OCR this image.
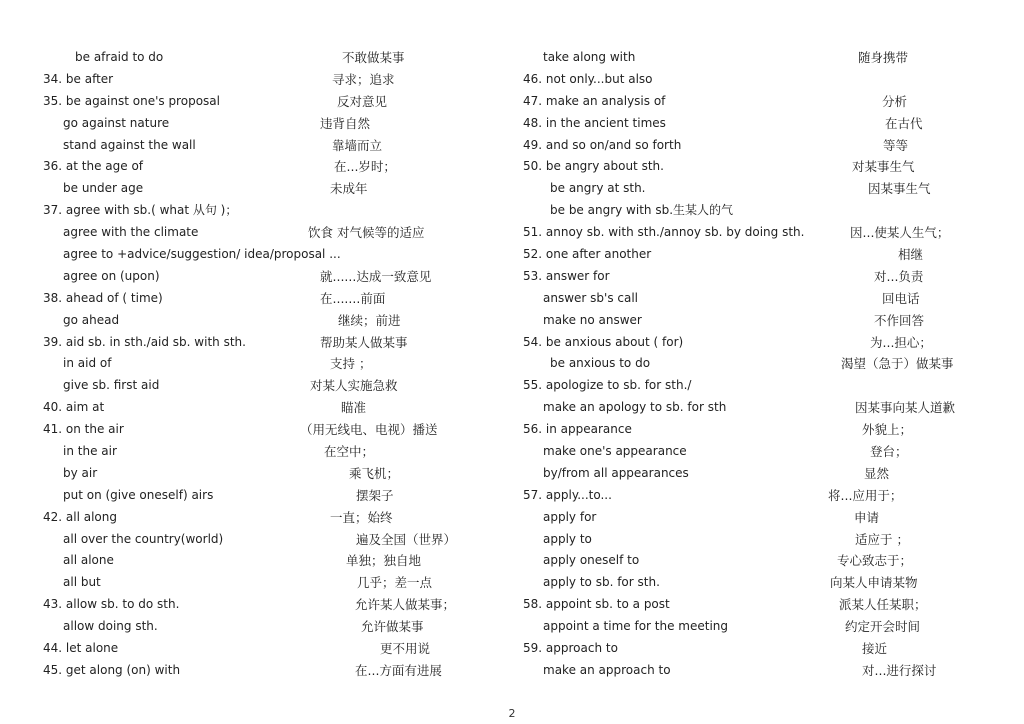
be afraid to do	不敢做某事
34. be after	寻求；追求
35. be against one's proposal	反对意见
go against nature	违背自然
stand against the wall	靠墙而立
36. at the age of	在...岁时；
be under age	未成年
37. agree with sb.( what 从句 )；
agree with the climate	饮食 对气候等的适应
agree to +advice/suggestion/ idea/proposal ...
agree on (upon)	就......达成一致意见
38. ahead of ( time)	在.......前面
go ahead	继续；前进
39. aid sb. in sth./aid sb. with sth.	帮助某人做某事
in aid of	支持 ；
give sb. first aid	对某人实施急救
40. aim at	瞄准
41. on the air	（用无线电、电视）播送
in the air	在空中；
by air	乘飞机；
put on (give oneself) airs	摆架子
42. all along	一直；始终
all over the country(world)	遍及全国（世界）
all alone	单独；独自地
all but	几乎；差一点
43. allow sb. to do sth.	允许某人做某事；
allow doing sth.	允许做某事
44. let alone	更不用说
45. get along (on) with	在...方面有进展
take along with	随身携带
46. not only...but also
47. make an analysis of	分析
48. in the ancient times	在古代
49. and so on/and so forth	等等
50. be angry about sth.	对某事生气
be angry at sth.	因某事生气
be be angry with sb.生某人的气
51. annoy sb. with sth./annoy sb. by doing sth.	因...使某人生气；
52. one after another	相继
53. answer for	对...负责
answer sb's call	回电话
make no answer	不作回答
54. be anxious about ( for)	为...担心；
be anxious to do	渴望（急于）做某事
55. apologize to sb. for sth./
make an apology to sb. for sth	因某事向某人道歉
56. in appearance	外貌上；
make one's appearance	登台；
by/from all appearances	显然
57. apply...to...	将...应用于；
apply for	申请
apply to	适应于 ；
apply oneself to	专心致志于；
apply to sb. for sth.	向某人申请某物
58. appoint sb. to a post	派某人任某职；
appoint a time for the meeting	约定开会时间
59. approach to	接近
make an approach to	对...进行探讨
2
